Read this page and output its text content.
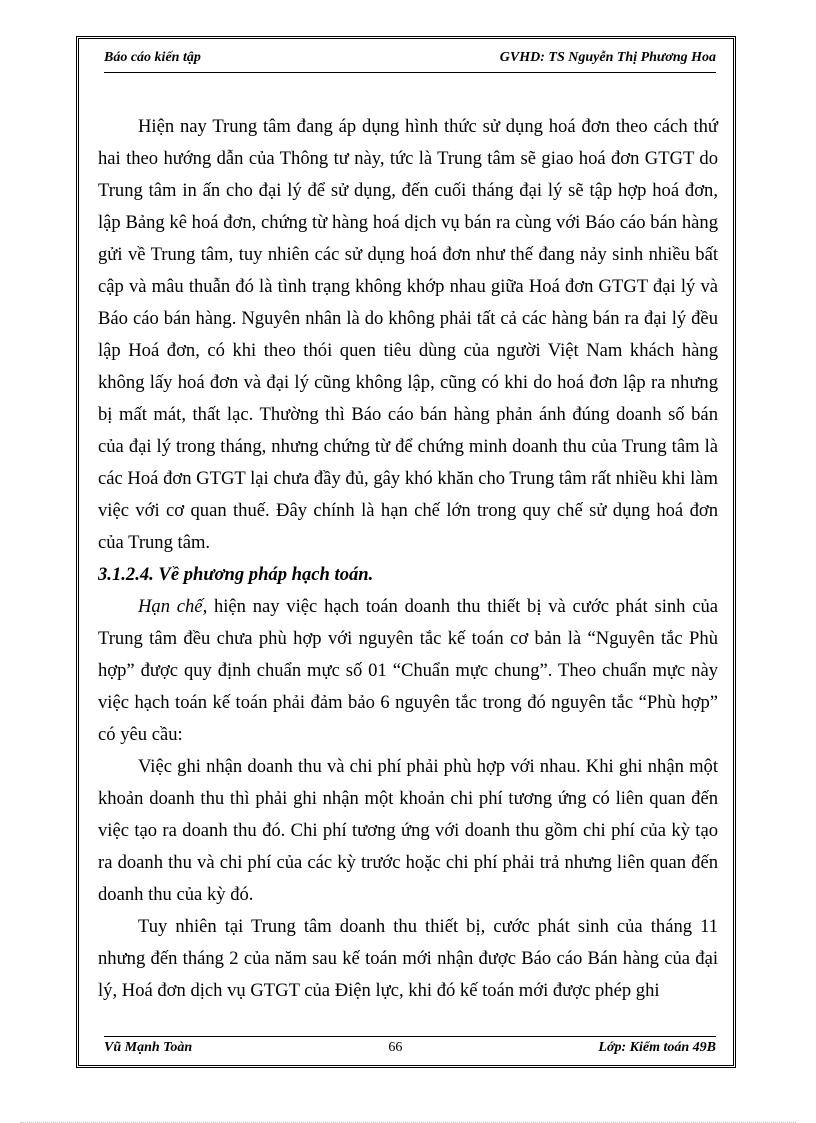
Báo cáo kiến tập	GVHD: TS Nguyễn Thị Phương Hoa

Hiện nay Trung tâm đang áp dụng hình thức sử dụng hoá đơn theo cách thứ hai theo hướng dẫn của Thông tư này, tức là Trung tâm sẽ giao hoá đơn GTGT do Trung tâm in ấn cho đại lý để sử dụng, đến cuối tháng đại lý sẽ tập hợp hoá đơn, lập Bảng kê hoá đơn, chứng từ hàng hoá dịch vụ bán ra cùng với Báo cáo bán hàng gửi về Trung tâm, tuy nhiên các sử dụng hoá đơn như thế đang nảy sinh nhiều bất cập và mâu thuẫn đó là tình trạng không khớp nhau giữa Hoá đơn GTGT đại lý và Báo cáo bán hàng. Nguyên nhân là do không phải tất cả các hàng bán ra đại lý đều lập Hoá đơn, có khi theo thói quen tiêu dùng của người Việt Nam khách hàng không lấy hoá đơn và đại lý cũng không lập, cũng có khi do hoá đơn lập ra nhưng bị mất mát, thất lạc. Thường thì Báo cáo bán hàng phản ánh đúng doanh số bán của đại lý trong tháng, nhưng chứng từ để chứng minh doanh thu của Trung tâm là các Hoá đơn GTGT lại chưa đầy đủ, gây khó khăn cho Trung tâm rất nhiều khi làm việc với cơ quan thuế. Đây chính là hạn chế lớn trong quy chế sử dụng hoá đơn của Trung tâm.

3.1.2.4. Về phương pháp hạch toán.

Hạn chế, hiện nay việc hạch toán doanh thu thiết bị và cước phát sinh của Trung tâm đều chưa phù hợp với nguyên tắc kế toán cơ bản là “Nguyên tắc Phù hợp” được quy định chuẩn mực số 01 “Chuẩn mực chung”. Theo chuẩn mực này việc hạch toán kế toán phải đảm bảo 6 nguyên tắc trong đó nguyên tắc “Phù hợp” có yêu cầu:

Việc ghi nhận doanh thu và chi phí phải phù hợp với nhau. Khi ghi nhận một khoản doanh thu thì phải ghi nhận một khoản chi phí tương ứng có liên quan đến việc tạo ra doanh thu đó. Chi phí tương ứng với doanh thu gồm chi phí của kỳ tạo ra doanh thu và chi phí của các kỳ trước hoặc chi phí phải trả nhưng liên quan đến doanh thu của kỳ đó.

Tuy nhiên tại Trung tâm doanh thu thiết bị, cước phát sinh của tháng 11 nhưng đến tháng 2 của năm sau kế toán mới nhận được Báo cáo Bán hàng của đại lý, Hoá đơn dịch vụ GTGT của Điện lực, khi đó kế toán mới được phép ghi

Vũ Mạnh Toàn	66	Lớp: Kiểm toán 49B
